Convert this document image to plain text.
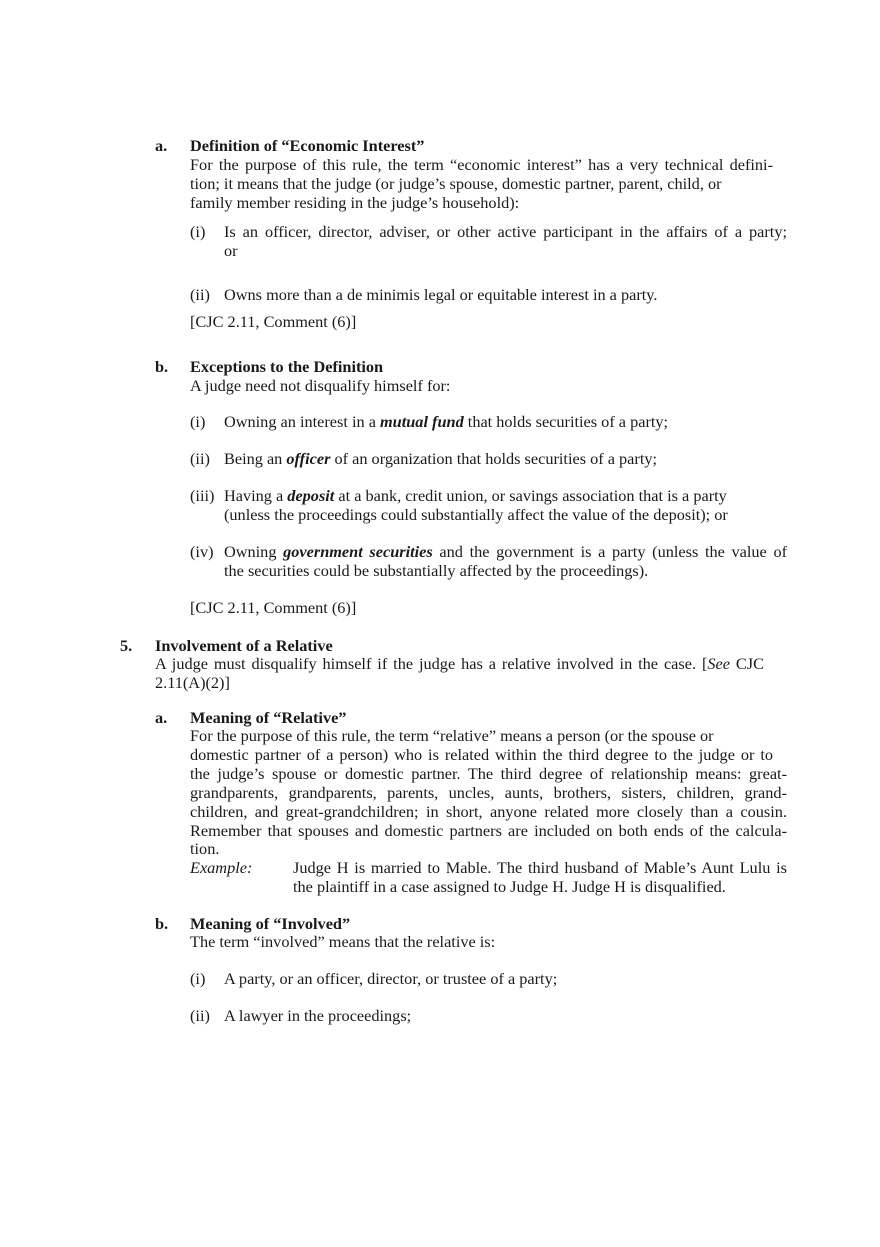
a. Definition of “Economic Interest”
For the purpose of this rule, the term “economic interest” has a very technical defini-
tion; it means that the judge (or judge’s spouse, domestic partner, parent, child, or
family member residing in the judge’s household):
(i) Is an officer, director, adviser, or other active participant in the affairs of a party;
or
(ii) Owns more than a de minimis legal or equitable interest in a party.
[CJC 2.11, Comment (6)]
b. Exceptions to the Definition
A judge need not disqualify himself for:
(i) Owning an interest in a mutual fund that holds securities of a party;
(ii) Being an officer of an organization that holds securities of a party;
(iii) Having a deposit at a bank, credit union, or savings association that is a party
(unless the proceedings could substantially affect the value of the deposit); or
(iv) Owning government securities and the government is a party (unless the value of
the securities could be substantially affected by the proceedings).
[CJC 2.11, Comment (6)]
5. Involvement of a Relative
A judge must disqualify himself if the judge has a relative involved in the case. [See CJC
2.11(A)(2)]
a. Meaning of “Relative”
For the purpose of this rule, the term “relative” means a person (or the spouse or
domestic partner of a person) who is related within the third degree to the judge or to
the judge’s spouse or domestic partner. The third degree of relationship means: great-
grandparents, grandparents, parents, uncles, aunts, brothers, sisters, children, grand-
children, and great-grandchildren; in short, anyone related more closely than a cousin.
Remember that spouses and domestic partners are included on both ends of the calcula-
tion.
Example: Judge H is married to Mable. The third husband of Mable’s Aunt Lulu is
the plaintiff in a case assigned to Judge H. Judge H is disqualified.
b. Meaning of “Involved”
The term “involved” means that the relative is:
(i) A party, or an officer, director, or trustee of a party;
(ii) A lawyer in the proceedings;
